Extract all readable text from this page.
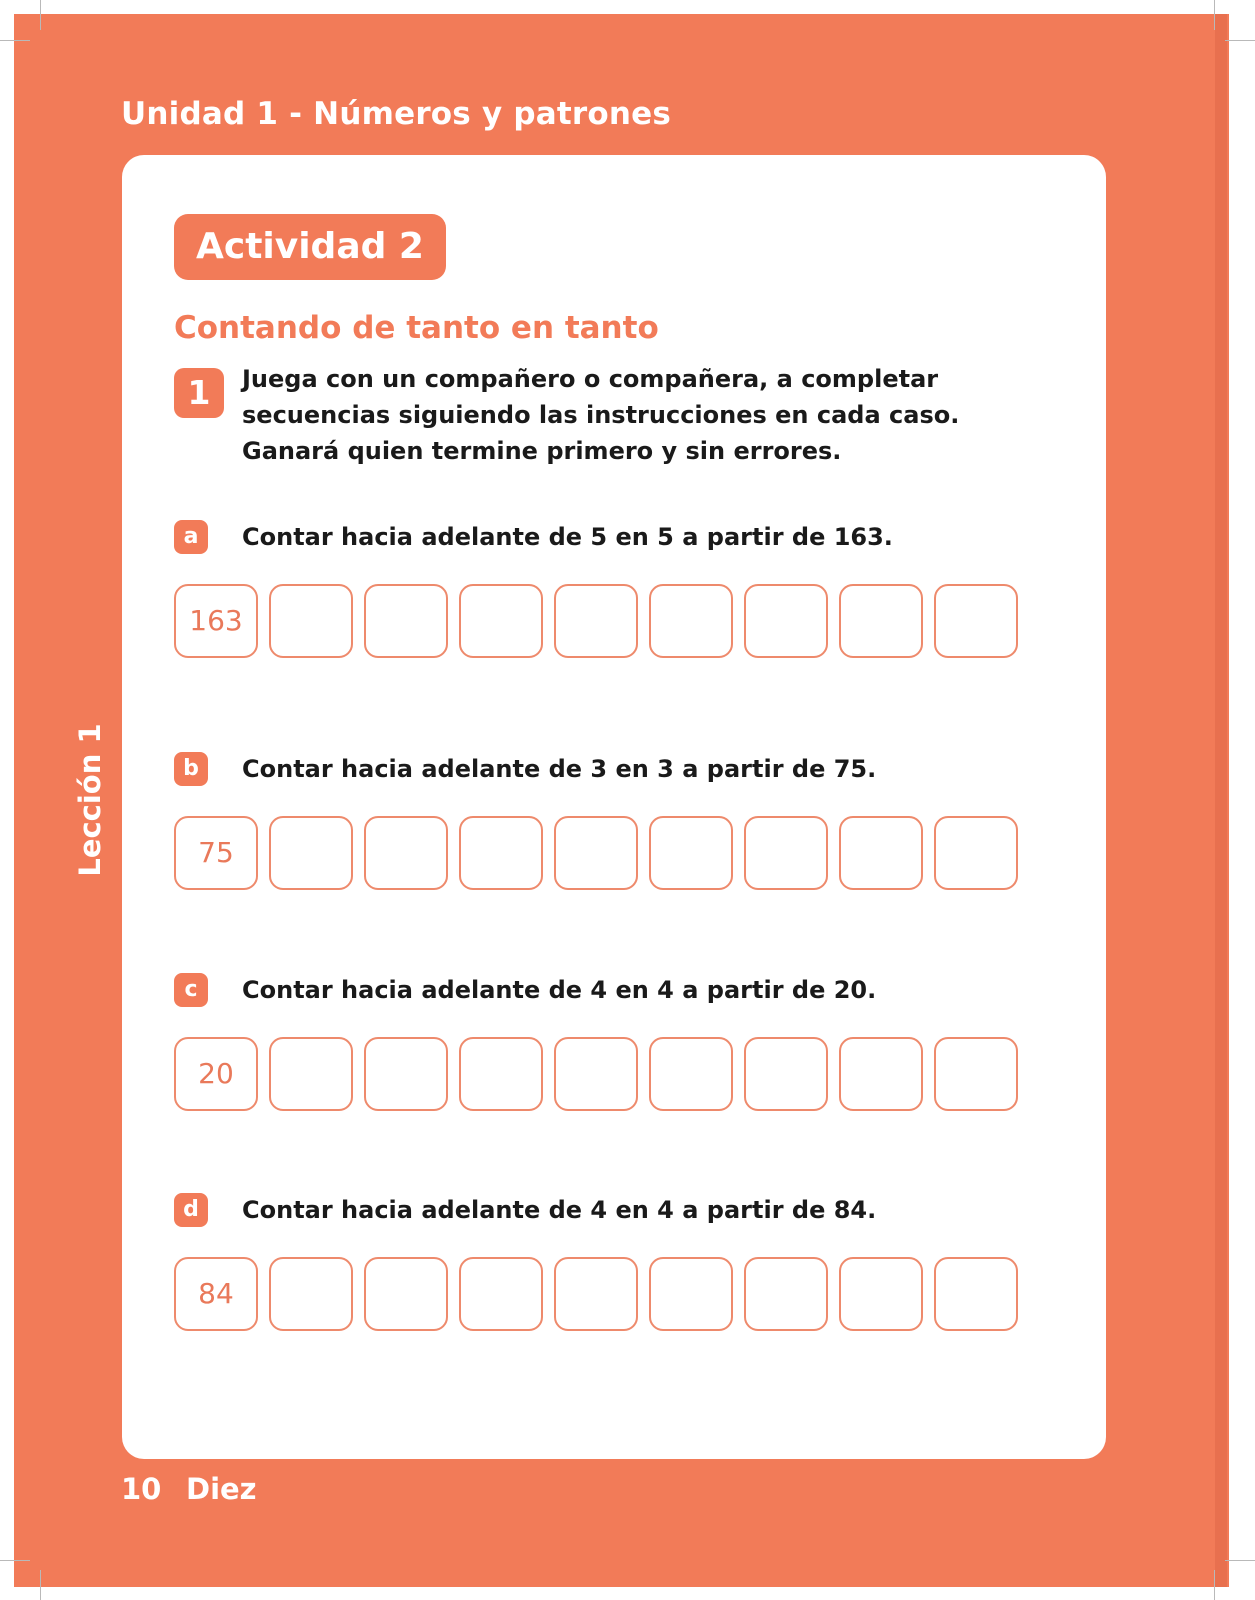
Unidad 1 - Números y patrones
Lección 1
Actividad 2
Contando de tanto en tanto
1	Juega con un compañero o compañera, a completar
secuencias siguiendo las instrucciones en cada caso.
Ganará quien termine primero y sin errores.
a	Contar hacia adelante de 5 en 5 a partir de 163.
163
b	Contar hacia adelante de 3 en 3 a partir de 75.
75
c	Contar hacia adelante de 4 en 4 a partir de 20.
20
d	Contar hacia adelante de 4 en 4 a partir de 84.
84
10 Diez
